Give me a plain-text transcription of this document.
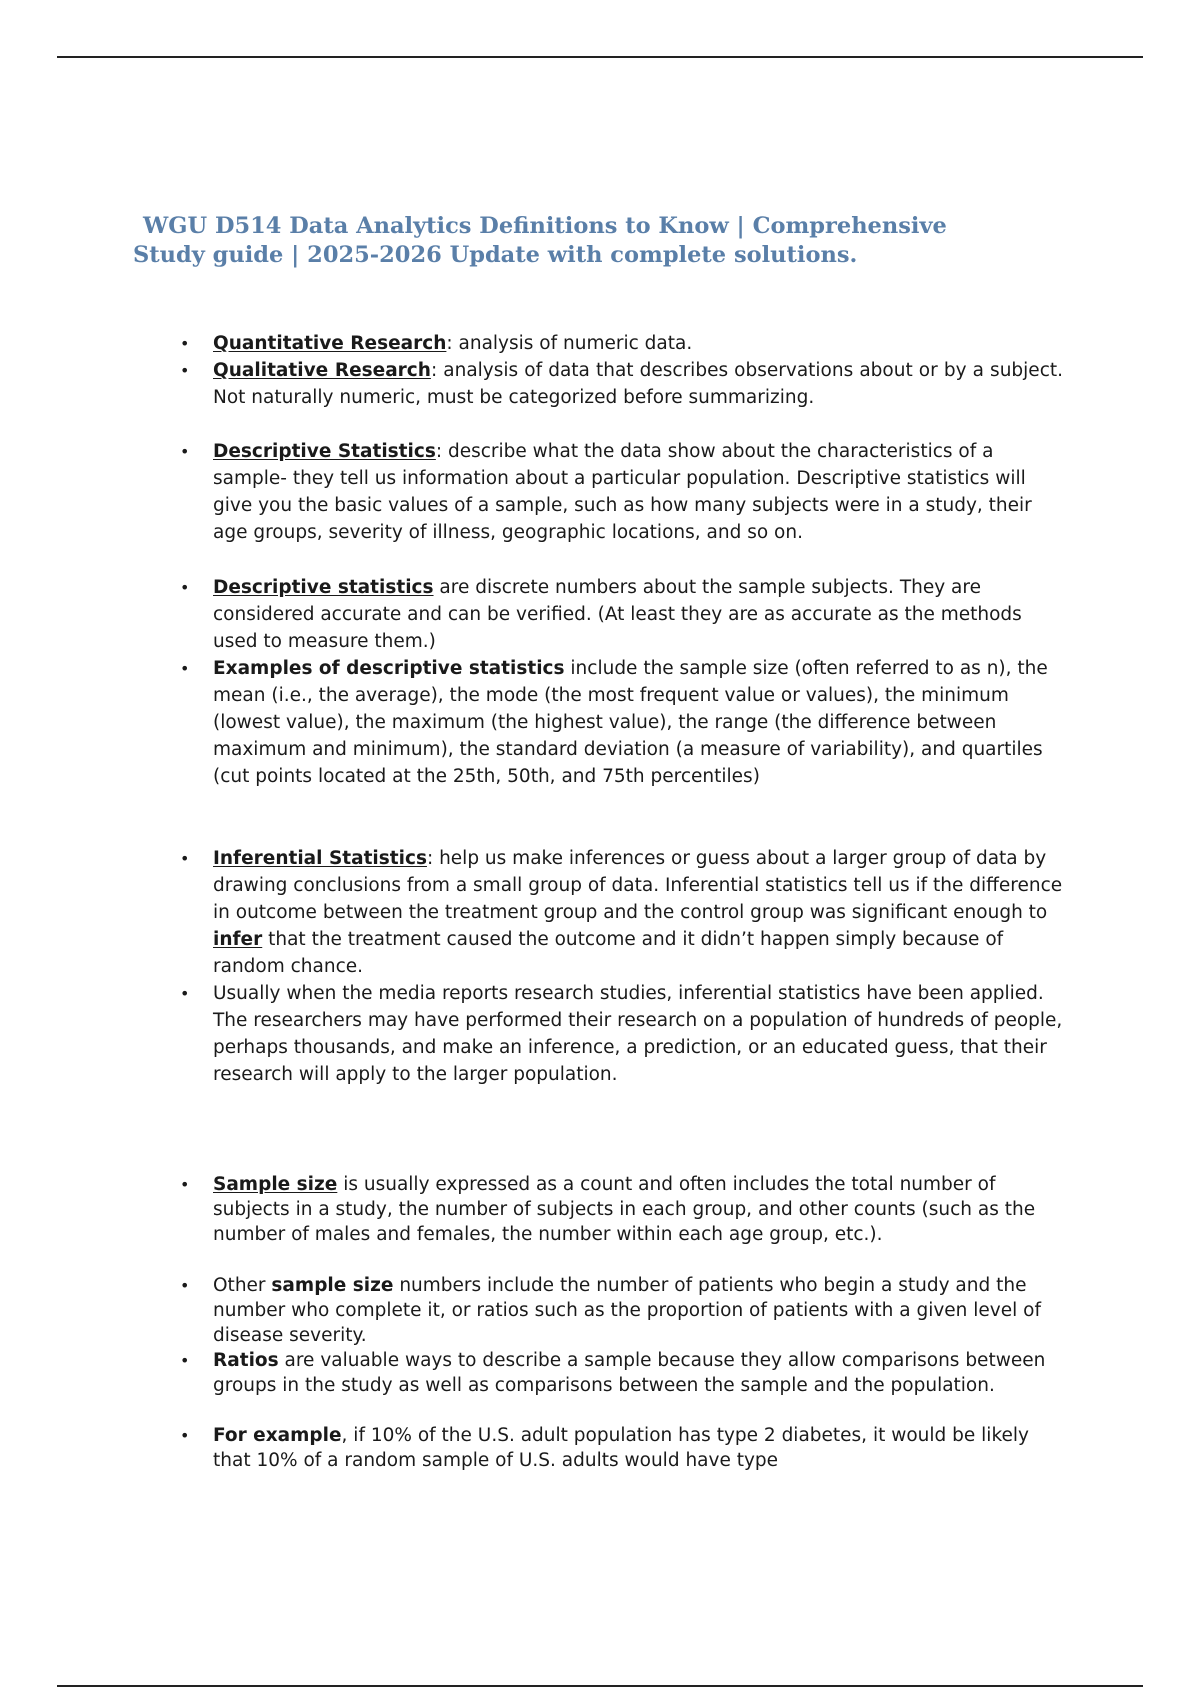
WGU D514 Data Analytics Definitions to Know | Comprehensive
Study guide | 2025-2026 Update with complete solutions.
• Quantitative Research: analysis of numeric data.
• Qualitative Research: analysis of data that describes observations about or by a subject. Not naturally numeric, must be categorized before summarizing.
• Descriptive Statistics: describe what the data show about the characteristics of a sample- they tell us information about a particular population. Descriptive statistics will give you the basic values of a sample, such as how many subjects were in a study, their age groups, severity of illness, geographic locations, and so on.
• Descriptive statistics are discrete numbers about the sample subjects. They are considered accurate and can be verified. (At least they are as accurate as the methods used to measure them.)
• Examples of descriptive statistics include the sample size (often referred to as n), the mean (i.e., the average), the mode (the most frequent value or values), the minimum (lowest value), the maximum (the highest value), the range (the difference between maximum and minimum), the standard deviation (a measure of variability), and quartiles (cut points located at the 25th, 50th, and 75th percentiles)
• Inferential Statistics: help us make inferences or guess about a larger group of data by drawing conclusions from a small group of data. Inferential statistics tell us if the difference in outcome between the treatment group and the control group was significant enough to infer that the treatment caused the outcome and it didn’t happen simply because of random chance.
• Usually when the media reports research studies, inferential statistics have been applied. The researchers may have performed their research on a population of hundreds of people, perhaps thousands, and make an inference, a prediction, or an educated guess, that their research will apply to the larger population.
• Sample size is usually expressed as a count and often includes the total number of subjects in a study, the number of subjects in each group, and other counts (such as the number of males and females, the number within each age group, etc.).
• Other sample size numbers include the number of patients who begin a study and the number who complete it, or ratios such as the proportion of patients with a given level of disease severity.
• Ratios are valuable ways to describe a sample because they allow comparisons between groups in the study as well as comparisons between the sample and the population.
• For example, if 10% of the U.S. adult population has type 2 diabetes, it would be likely that 10% of a random sample of U.S. adults would have type
